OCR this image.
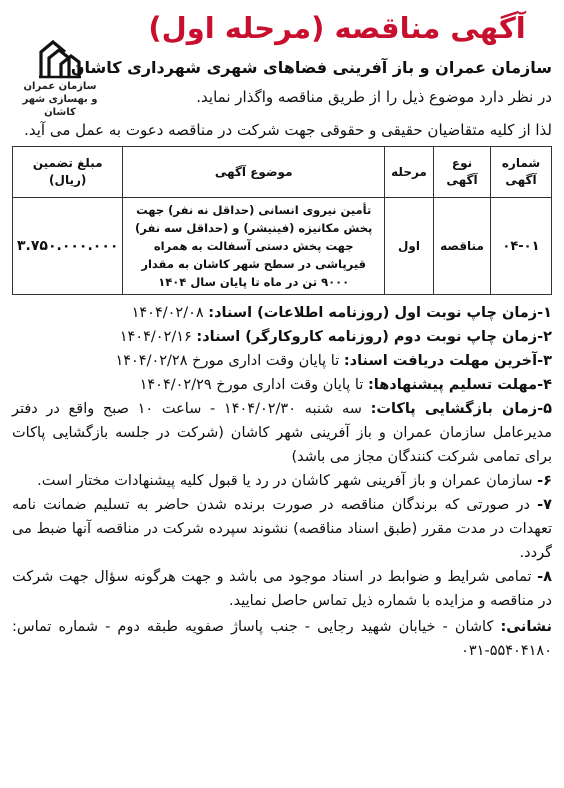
آگهی مناقصه (مرحله اول)
سازمان عمران و باز آفرینی فضاهای شهری شهرداری کاشان
در نظر دارد موضوع ذیل را از طریق مناقصه واگذار نماید.
سازمان عمران
و بهسازی شهر کاشان

لذا از کلیه متقاضیان حقیقی و حقوقی جهت شرکت در مناقصه دعوت به عمل می آید.

شماره آگهی	نوع آگهی	مرحله	موضوع آگهی	مبلغ تضمین (ریال)
۰۴-۰۱	مناقصه	اول	تأمین نیروی انسانی (حداقل نه نفر) جهت پخش مکانیزه (فینیشر) و (حداقل سه نفر) جهت پخش دستی آسفالت به همراه قیرپاشی در سطح شهر کاشان به مقدار ۹۰۰۰ تن در ماه تا پایان سال ۱۴۰۴	۳.۷۵۰.۰۰۰.۰۰۰

۱-زمان چاپ نوبت اول (روزنامه اطلاعات) اسناد: ۱۴۰۴/۰۲/۰۸

۲-زمان چاپ نوبت دوم (روزنامه کاروکارگر) اسناد: ۱۴۰۴/۰۲/۱۶

۳-آخرین مهلت دریافت اسناد: تا پایان وقت اداری مورخ ۱۴۰۴/۰۲/۲۸

۴-مهلت تسلیم پیشنهادها: تا پایان وقت اداری مورخ ۱۴۰۴/۰۲/۲۹

۵-زمان بازگشایی پاکات: سه شنبه ۱۴۰۴/۰۲/۳۰ - ساعت ۱۰ صبح واقع در دفتر مدیرعامل سازمان عمران و باز آفرینی شهر کاشان (شرکت در جلسه بازگشایی پاکات برای تمامی شرکت کنندگان مجاز می باشد)

۶- سازمان عمران و باز آفرینی شهر کاشان در رد یا قبول کلیه پیشنهادات مختار است.

۷- در صورتی که برندگان مناقصه در صورت برنده شدن حاضر به تسلیم ضمانت نامه تعهدات در مدت مقرر (طبق اسناد مناقصه) نشوند سپرده شرکت در مناقصه آنها ضبط می گردد.

۸- تمامی شرایط و ضوابط در اسناد موجود می باشد و جهت هرگونه سؤال جهت شرکت در مناقصه و مزایده با شماره ذیل تماس حاصل نمایید.

نشانی: کاشان - خیابان شهید رجایی - جنب پاساژ صفویه طبقه دوم - شماره تماس: ۵۵۴۰۴۱۸۰-۰۳۱
